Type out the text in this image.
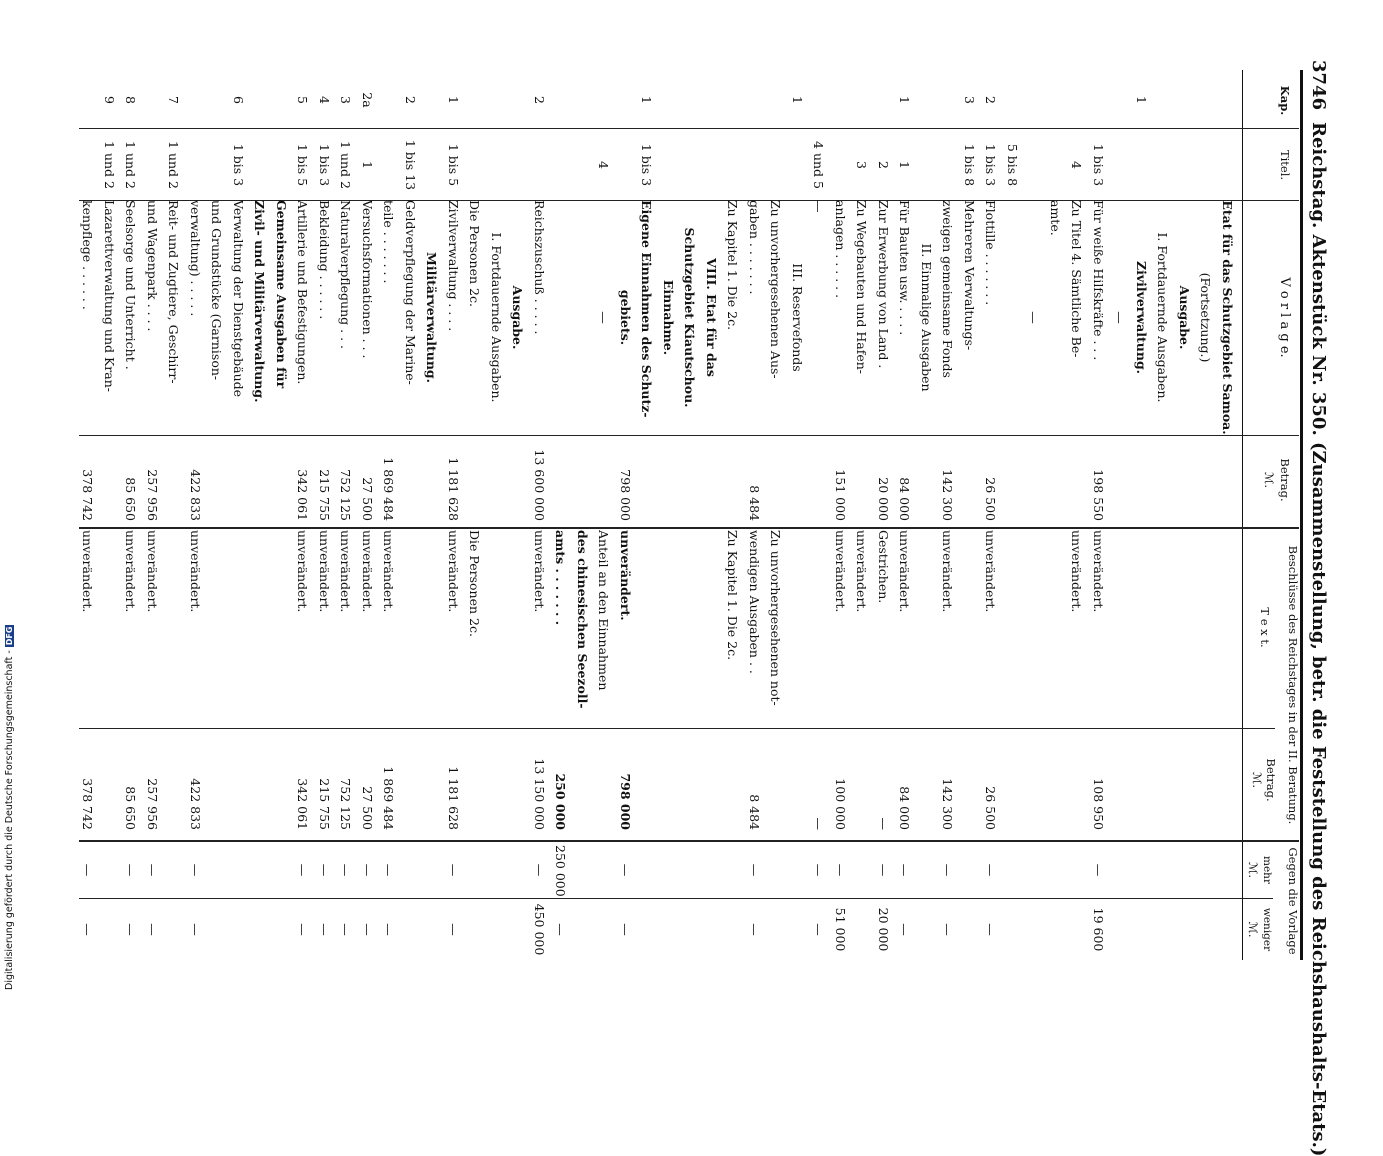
Digitalisierung gefördert durch die Deutsche Forschungsgemeinschaft -DFG
3746
Reichstag. Aktenstück Nr. 350. (Zusammenstellung, betr. die Feststellung des Reichshaushalts-Etats.)
Kap.
Titel.
V o r l a g e.
Betrag.
ℳ.
Beschlüsse des Reichstages in der II. Beratung.
T e x t.
Betrag.
ℳ.
Gegen die Vorlage
mehr
weniger
ℳ.
ℳ.
Etat für das Schutzgebiet Samoa.
(Fortsetzung.)
Ausgabe.
I. Fortdauernde Ausgaben.
1
Zivilverwaltung.
—
1 bis 3
Für weiße Hilfskräfte . . .
198 550
unverändert.
108 950
—
19 600
4
Zu Titel 4. Sämtliche Be-
unverändert.
amte.
—
5 bis 8
2
1 bis 3
Flottille . . . . . . .
26 500
unverändert.
26 500
—
—
3
1 bis 8
Mehreren Verwaltungs-
zweigen gemeinsame Fonds
142 300
unverändert.
142 300
—
—
II. Einmalige Ausgaben
1
1
Für Bauten usw. . . . .
84 000
unverändert.
84 000
—
—
2
Zur Erwerbung von Land .
20 000
Gestrichen.
—
—
20 000
3
Zu Wegebauten und Hafen-
unverändert.
anlagen . . . . . .
151 000
unverändert.
100 000
—
51 000
4 und 5
—
—
—
—
1
III. Reservefonds
Zu unvorhergesehenen Aus-
Zu unvorhergesehenen not-
gaben . . . . . . .
8 484
wendigen Ausgaben . .
8 484
—
—
Zu Kapitel 1. Die 2c.
Zu Kapitel 1. Die 2c.
VIII. Etat für das
Schutzgebiet Kiautschou.
Einnahme.
1
1 bis 3
Eigene Einnahmen des Schutz-
gebiets.
798 000
unverändert.
798 000
—
—
4
—
Anteil an den Einnahmen
des chinesischen Seezoll-
amts . . . . . . .
250 000
250 000
—
2
Reichszuschuß . . . . .
13 600 000
unverändert.
13 150 000
—
450 000
Ausgabe.
I. Fortdauernde Ausgaben.
Die Personen 2c.
Die Personen 2c.
1
1 bis 5
Zivilverwaltung . . . .
1 181 628
unverändert.
1 181 628
—
—
Militärverwaltung.
2
1 bis 13
Geldverpflegung der Marine-
teile . . . . . . .
1 869 484
unverändert.
1 869 484
—
—
2a
1
Versuchsformationen . . .
27 500
unverändert.
27 500
—
—
3
1 und 2
Naturalverpflegung . . .
752 125
unverändert.
752 125
—
—
4
1 bis 3
Bekleidung . . . . . .
215 755
unverändert.
215 755
—
—
5
1 bis 5
Artillerie und Befestigungen.
342 061
unverändert.
342 061
—
—
Gemeinsame Ausgaben für
Zivil- und Militärverwaltung.
6
1 bis 3
Verwaltung der Dienstgebäude
und Grundstücke (Garnison-
verwaltung) . . . . .
422 833
unverändert.
422 833
—
—
7
1 und 2
Reit- und Zugtiere, Geschirr-
und Wagenpark . . . .
257 956
unverändert.
257 956
—
—
8
1 und 2
Seelsorge und Unterricht .
85 650
unverändert.
85 650
—
—
9
1 und 2
Lazarettverwaltung und Kran-
kenpflege . . . . . .
378 742
unverändert.
378 742
—
—
